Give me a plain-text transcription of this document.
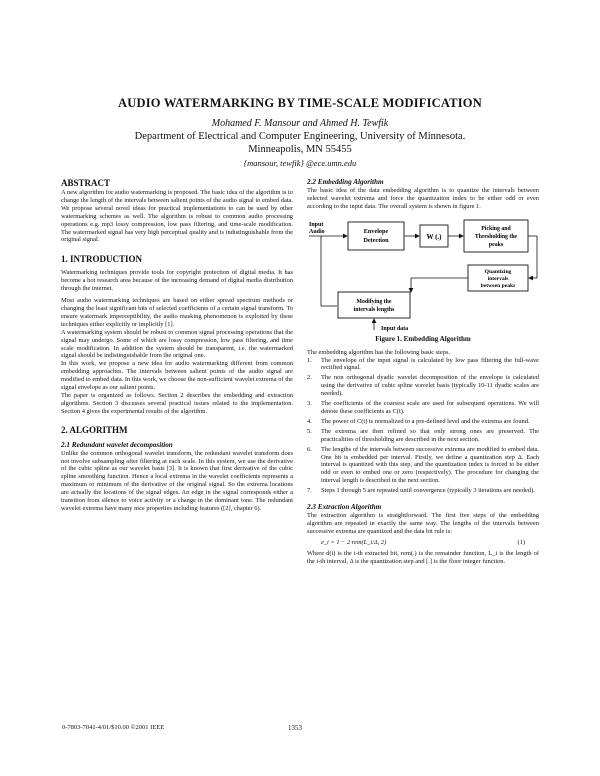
AUDIO WATERMARKING BY TIME-SCALE MODIFICATION
Mohamed F. Mansour and Ahmed H. Tewfik
Department of Electrical and Computer Engineering, University of Minnesota.
Minneapolis, MN 55455
{mansour, tewfik} @ece.umn.edu
ABSTRACT

A new algorithm for audio watermarking is proposed. The basic idea of the algorithm is to change the length of the intervals between salient points of the audio signal to embed data. We propose several novel ideas for practical implementations to can be used by other watermarking schemes as well. The algorithm is robust to common audio processing operations e.g. mp3 lossy compression, low pass filtering, and time-scale modification. The watermarked signal has very high perceptual quality and is indistinguishable from the original signal.

1. INTRODUCTION

Watermarking techniques provide tools for copyright protection of digital media. It has become a hot research area because of the increasing demand of digital media distribution through the internet.

Most audio watermarking techniques are based on either spread spectrum methods or changing the least significant bits of selected coefficients of a certain signal transform. To ensure watermark imperceptibility, the audio masking phenomenon is exploited by these techniques either explicitly or implicitly [1].

A watermarking system should be robust to common signal processing operations that the signal may undergo. Some of which are lossy compression, low pass filtering, and time scale modification. In addition the system should be transparent, i.e. the watermarked signal should be indistinguishable from the original one.

In this work, we propose a new idea for audio watermarking different from common embedding approaches. The intervals between salient points of the audio signal are modified to embed data. In this work, we choose the non-sufficient wavelet extrema of the signal envelope as our salient points.

The paper is organized as follows. Section 2 describes the embedding and extraction algorithms. Section 3 discusses several practical issues related to the implementation. Section 4 gives the experimental results of the algorithm.

2. ALGORITHM
2.1 Redundant wavelet decomposition

Unlike the common orthogonal wavelet transform, the redundant wavelet transform does not involve subsampling after filtering at each scale. In this system, we use the derivative of the cubic spline as our wavelet basis [3]. It is known that first derivative of the cubic spline smoothing function. Hence a local extrema in the wavelet coefficients represents a maximum or minimum of the derivative of the original signal. So the extrema locations are actually the locations of the signal edges. An edge in the signal corresponds either a transition from silence to voice activity or a change in the dominant tone. The redundant wavelet extrema have many nice properties including features ([2], chapter 6).

2.2 Embedding Algorithm

The basic idea of the data embedding algorithm is to quantize the intervals between selected wavelet extrema and force the quantization index to be either odd or even according to the input data. The overall system is shown in figure 1.

Input
Audio	Envelope
Detection	W (.)
Picking and
Thresholding the
peaks
Quantizing
intervals
between peaks
Modifying the
intervals lengths
Input data
Figure 1. Embedding Algorithm

The embedding algorithm has the following basic steps.

1. The envelope of the input signal is calculated by low pass filtering the full-wave rectified signal.
2. The non orthogonal dyadic wavelet decomposition of the envelope is calculated using the derivative of cubic spline wavelet basis (typically 10-11 dyadic scales are needed).
3. The coefficients of the coarsest scale are used for subsequent operations. We will denote these coefficients as C(t).
4. The power of C(t) is normalized to a pre-defined level and the extrema are found.
5. The extrema are then refined so that only strong ones are preserved. The practicalities of thresholding are described in the next section.
6. The lengths of the intervals between successive extrema are modified to embed data. One bit is embedded per interval. Firstly, we define a quantization step Δ. Each interval is quantized with this step, and the quantization index is forced to be either odd or even to embed one or zero (respectively). The procedure for changing the interval length is described in the next section.
7. Steps 1 through 5 are repeated until convergence (typically 3 iterations are needed).
2.3 Extraction Algorithm

The extraction algorithm is straightforward. The first five steps of the embedding algorithm are repeated in exactly the same way. The lengths of the intervals between successive extrema are quantized and the data bit rule is:

e_i = 1 − 2·rem(L_i/Δ, 2)	(1)

Where d(i) is the i-th extracted bit, rem(.) is the remainder function, L_i is the length of the i-th interval, Δ is the quantization step and [.] is the floor integer function.

0-7803-7041-4/01/$10.00 ©2001 IEEE	1353
